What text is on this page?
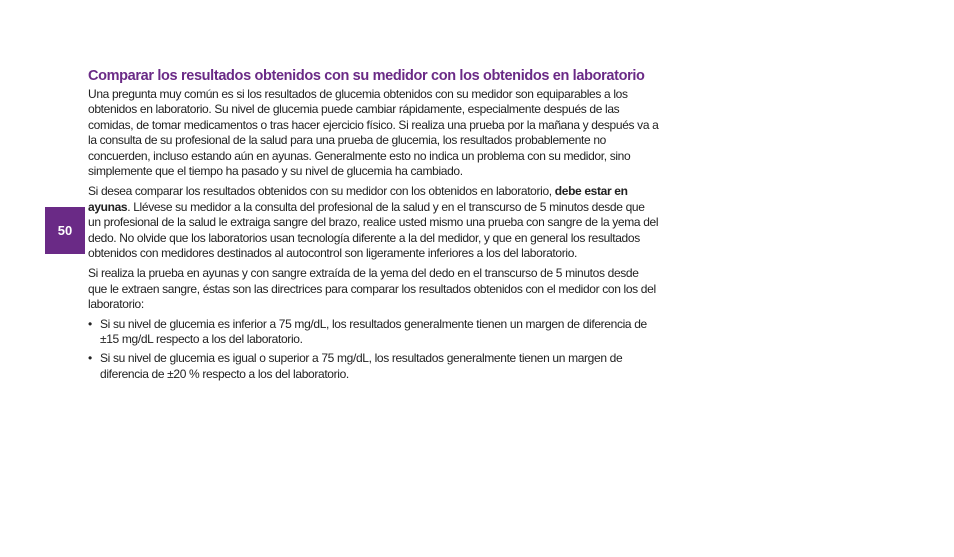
50
Comparar los resultados obtenidos con su medidor con los obtenidos en laboratorio

Una pregunta muy común es si los resultados de glucemia obtenidos con su medidor son equiparables a los obtenidos en laboratorio. Su nivel de glucemia puede cambiar rápidamente, especialmente después de las comidas, de tomar medicamentos o tras hacer ejercicio físico. Si realiza una prueba por la mañana y después va a la consulta de su profesional de la salud para una prueba de glucemia, los resultados probablemente no concuerden, incluso estando aún en ayunas. Generalmente esto no indica un problema con su medidor, sino simplemente que el tiempo ha pasado y su nivel de glucemia ha cambiado.

Si desea comparar los resultados obtenidos con su medidor con los obtenidos en laboratorio, debe estar en ayunas. Llévese su medidor a la consulta del profesional de la salud y en el transcurso de 5 minutos desde que un profesional de la salud le extraiga sangre del brazo, realice usted mismo una prueba con sangre de la yema del dedo. No olvide que los laboratorios usan tecnología diferente a la del medidor, y que en general los resultados obtenidos con medidores destinados al autocontrol son ligeramente inferiores a los del laboratorio.

Si realiza la prueba en ayunas y con sangre extraída de la yema del dedo en el transcurso de 5 minutos desde que le extraen sangre, éstas son las directrices para comparar los resultados obtenidos con el medidor con los del laboratorio:

• Si su nivel de glucemia es inferior a 75 mg/dL, los resultados generalmente tienen un margen de diferencia de ±15 mg/dL respecto a los del laboratorio.
• Si su nivel de glucemia es igual o superior a 75 mg/dL, los resultados generalmente tienen un margen de diferencia de ±20 % respecto a los del laboratorio.
